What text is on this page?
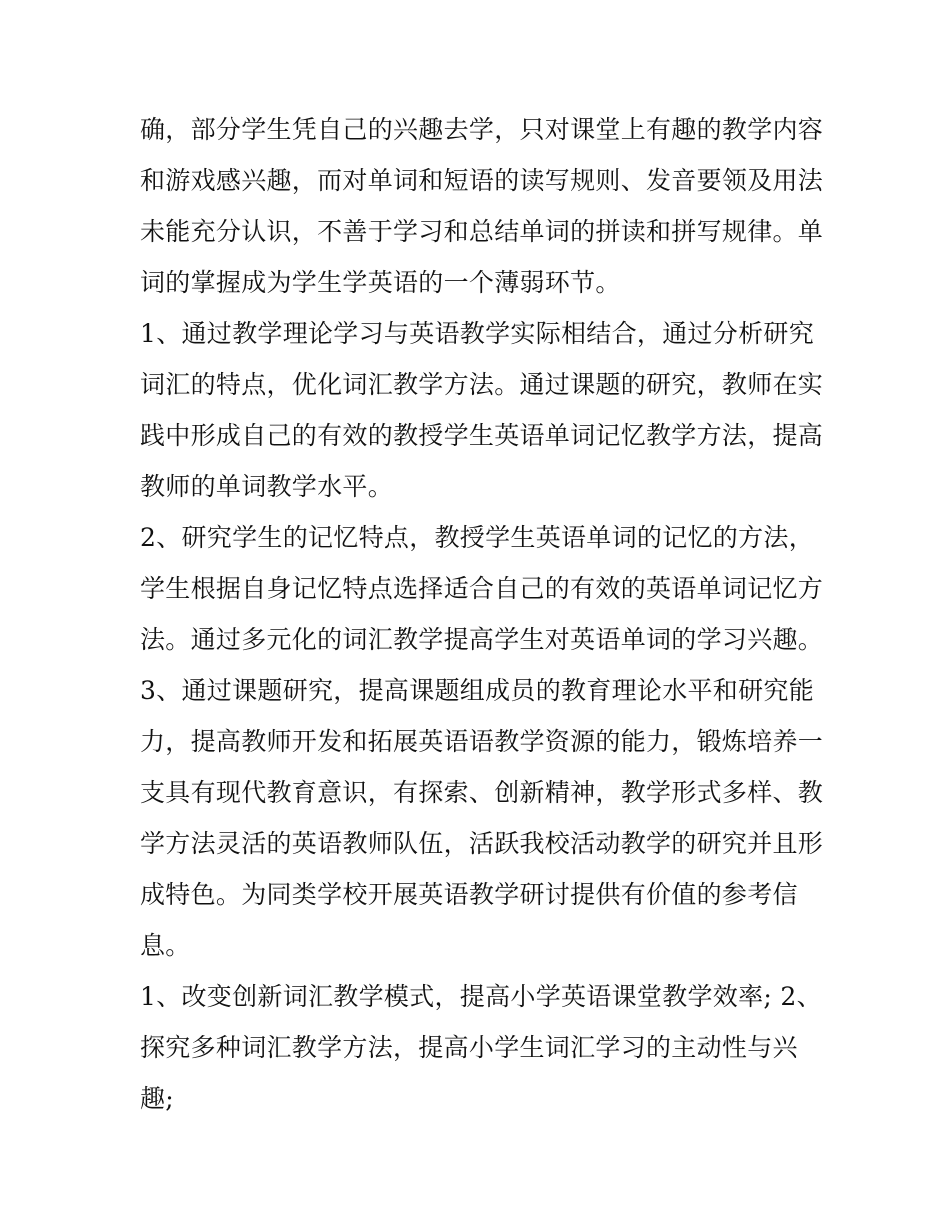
确，部分学生凭自己的兴趣去学，只对课堂上有趣的教学内容
和游戏感兴趣，而对单词和短语的读写规则、发音要领及用法
未能充分认识，不善于学习和总结单词的拼读和拼写规律。单
词的掌握成为学生学英语的一个薄弱环节。
1、通过教学理论学习与英语教学实际相结合，通过分析研究
词汇的特点，优化词汇教学方法。通过课题的研究，教师在实
践中形成自己的有效的教授学生英语单词记忆教学方法，提高
教师的单词教学水平。
2、研究学生的记忆特点，教授学生英语单词的记忆的方法，
学生根据自身记忆特点选择适合自己的有效的英语单词记忆方
法。通过多元化的词汇教学提高学生对英语单词的学习兴趣。
3、通过课题研究，提高课题组成员的教育理论水平和研究能
力，提高教师开发和拓展英语语教学资源的能力，锻炼培养一
支具有现代教育意识，有探索、创新精神，教学形式多样、教
学方法灵活的英语教师队伍，活跃我校活动教学的研究并且形
成特色。为同类学校开展英语教学研讨提供有价值的参考信
息。
1、改变创新词汇教学模式，提高小学英语课堂教学效率; 2、
探究多种词汇教学方法，提高小学生词汇学习的主动性与兴
趣;
